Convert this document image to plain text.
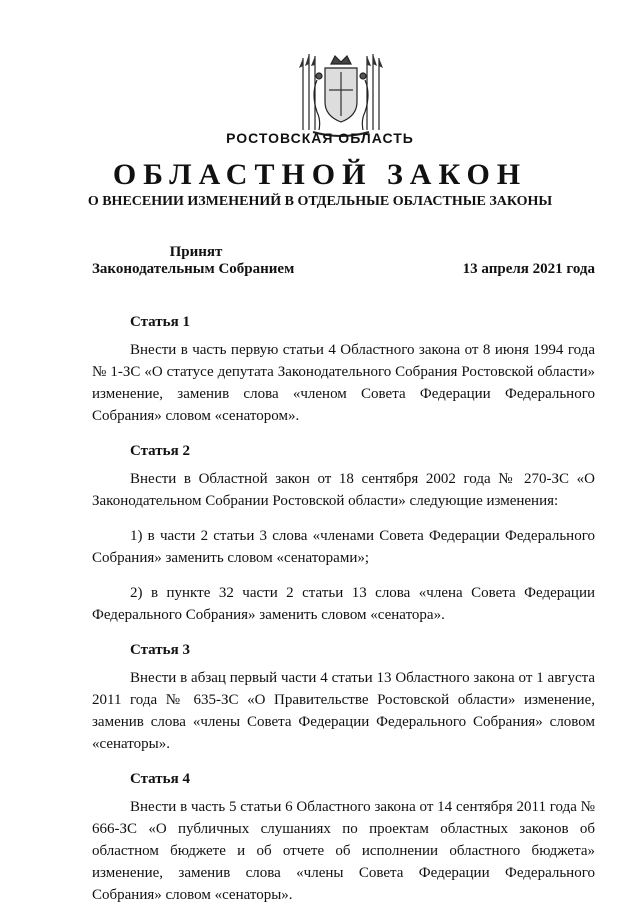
РОСТОВСКАЯ ОБЛАСТЬ

ОБЛАСТНОЙ ЗАКОН

О ВНЕСЕНИИ ИЗМЕНЕНИЙ В ОТДЕЛЬНЫЕ ОБЛАСТНЫЕ ЗАКОНЫ

Принят

Законодательным Собранием	13 апреля 2021 года

Статья 1

Внести в часть первую статьи 4 Областного закона от 8 июня 1994 года № 1-ЗС «О статусе депутата Законодательного Собрания Ростовской области» изменение, заменив слова «членом Совета Федерации Федерального Собрания» словом «сенатором».

Статья 2

Внести в Областной закон от 18 сентября 2002 года № 270-ЗС «О Законодательном Собрании Ростовской области» следующие изменения:

1) в части 2 статьи 3 слова «членами Совета Федерации Федерального Собрания» заменить словом «сенаторами»;

2) в пункте 32 части 2 статьи 13 слова «члена Совета Федерации Федерального Собрания» заменить словом «сенатора».

Статья 3

Внести в абзац первый части 4 статьи 13 Областного закона от 1 августа 2011 года № 635-ЗС «О Правительстве Ростовской области» изменение, заменив слова «члены Совета Федерации Федерального Собрания» словом «сенаторы».

Статья 4

Внести в часть 5 статьи 6 Областного закона от 14 сентября 2011 года № 666-ЗС «О публичных слушаниях по проектам областных законов об областном бюджете и об отчете об исполнении областного бюджета» изменение, заменив слова «члены Совета Федерации Федерального Собрания» словом «сенаторы».
